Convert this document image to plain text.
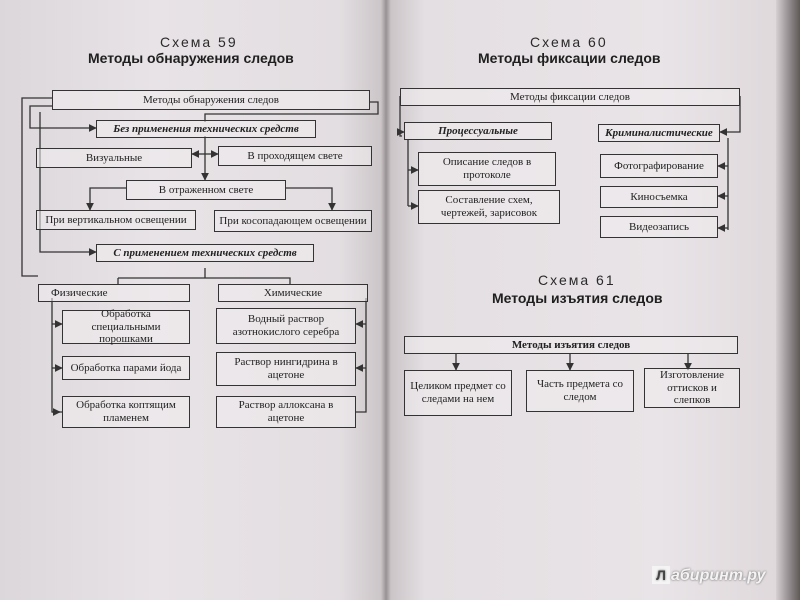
Схема 59
Методы обнаружения следов
Методы обнаружения следов
Без применения технических средств
Визуальные	В проходящем свете
В отраженном свете
При вертикальном освещении	При косопадающем освещении
С применением технических средств
Физические	Химические
Обработка специальными порошками
Водный раствор азотнокислого серебра
Обработка парами йода	Раствор нингидрина в ацетоне
Обработка коптящим пламенем
Раствор аллоксана в ацетоне
Схема 60
Методы фиксации следов
Методы фиксации следов
Процессуальные	Криминалистические
Описание следов в протоколе
Составление схем, чертежей, зарисовок
Фотографирование
Киносъемка
Видеозапись
Схема 61
Методы изъятия следов
Методы изъятия следов
Целиком предмет со следами на нем
Часть предмета со следом
Изготовление оттисков и слепков
Л абиринт.ру
